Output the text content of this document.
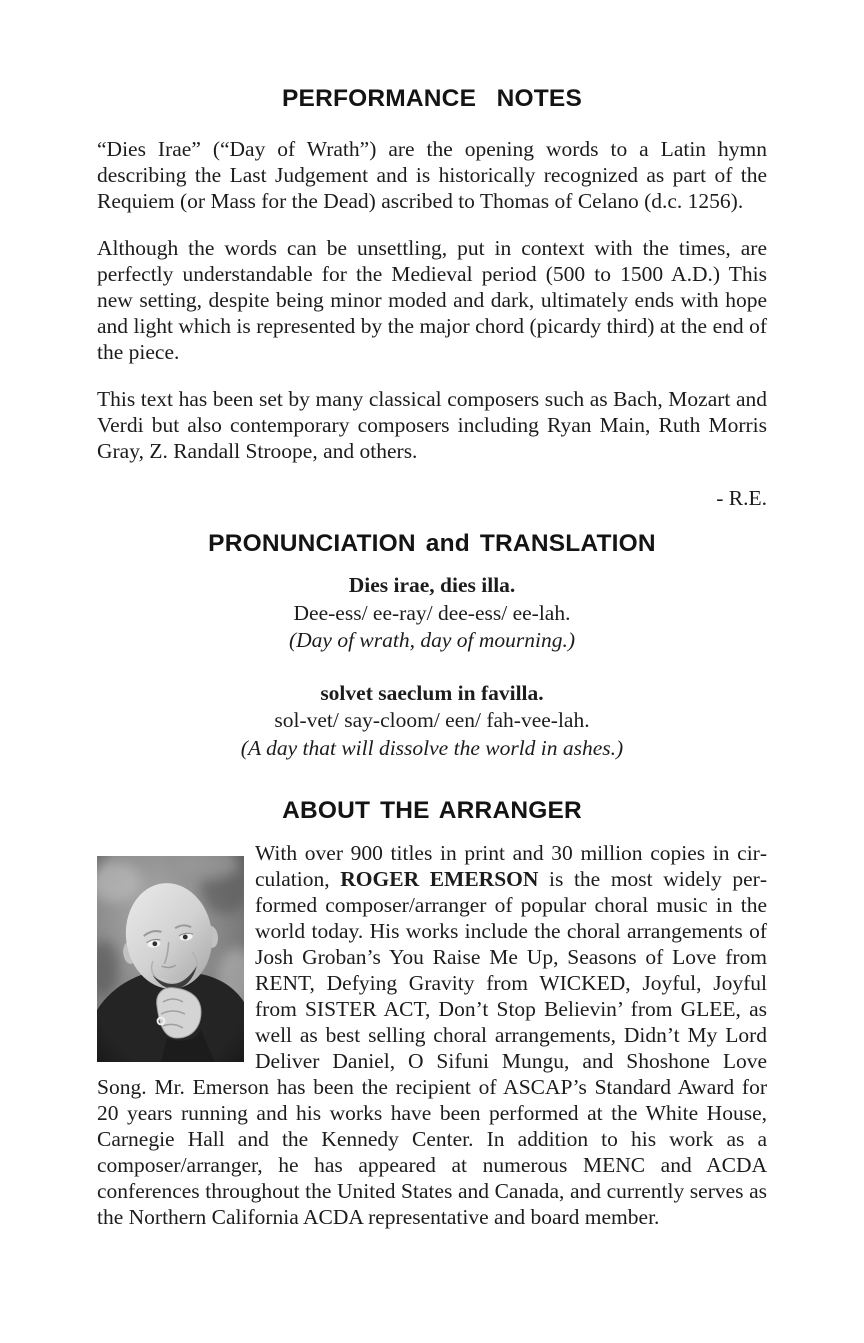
PERFORMANCE NOTES

“Dies Irae” (“Day of Wrath”) are the opening words to a Latin hymn describing the Last Judgement and is historically recognized as part of the Requiem (or Mass for the Dead) ascribed to Thomas of Celano (d.c. 1256).

Although the words can be unsettling, put in context with the times, are perfectly understandable for the Medieval period (500 to 1500 A.D.) This new setting, despite being minor moded and dark, ultimately ends with hope and light which is represented by the major chord (picardy third) at the end of the piece.

This text has been set by many classical composers such as Bach, Mozart and Verdi but also contemporary composers including Ryan Main, Ruth Morris Gray, Z. Randall Stroope, and others.

- R.E.

PRONUNCIATION and TRANSLATION

Dies irae, dies illa.

Dee-ess/ ee-ray/ dee-ess/ ee-lah.

(Day of wrath, day of mourning.)

solvet saeclum in favilla.

sol-vet/ say-cloom/ een/ fah-vee-lah.

(A day that will dissolve the world in ashes.)

ABOUT THE ARRANGER

With over 900 titles in print and 30 million copies in circulation, ROGER EMERSON is the most widely performed composer/arranger of popular choral music in the world today. His works include the choral arrangements of Josh Groban’s You Raise Me Up, Seasons of Love from RENT, Defying Gravity from WICKED, Joyful, Joyful from SISTER ACT, Don’t Stop Believin’ from GLEE, as well as best selling choral arrangements, Didn’t My Lord Deliver Daniel, O Sifuni Mungu, and Shoshone Love Song. Mr. Emerson has been the recipient of ASCAP’s Standard Award for 20 years running and his works have been performed at the White House, Carnegie Hall and the Kennedy Center. In addition to his work as a composer/arranger, he has appeared at numerous MENC and ACDA conferences throughout the United States and Canada, and currently serves as the Northern California ACDA representative and board member.
